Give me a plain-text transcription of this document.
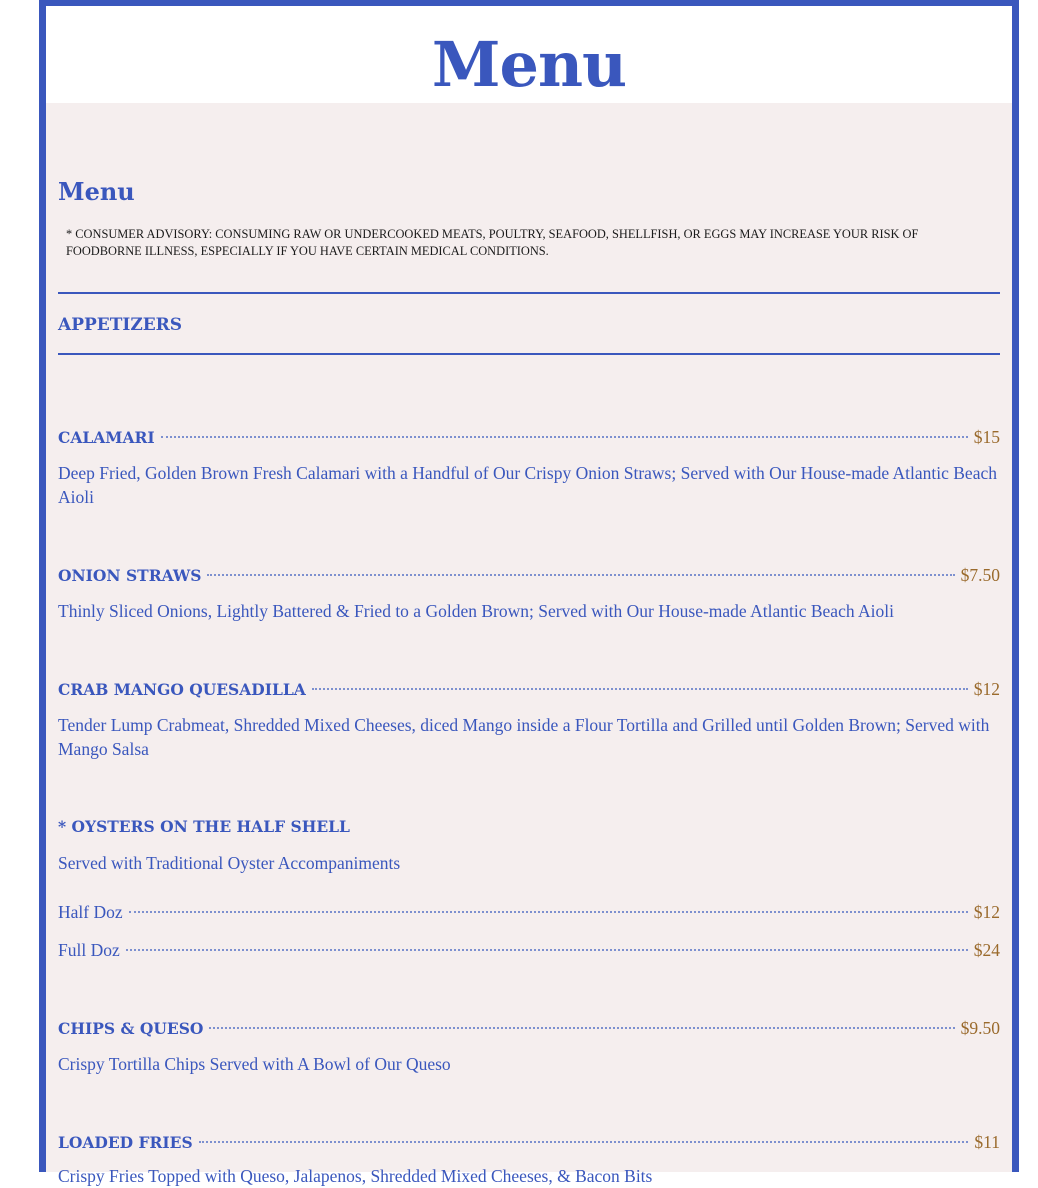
Menu
Menu
* CONSUMER ADVISORY: CONSUMING RAW OR UNDERCOOKED MEATS, POULTRY, SEAFOOD, SHELLFISH, OR EGGS MAY INCREASE YOUR RISK OF FOODBORNE ILLNESS, ESPECIALLY IF YOU HAVE CERTAIN MEDICAL CONDITIONS.
APPETIZERS
CALAMARI	$15
Deep Fried, Golden Brown Fresh Calamari with a Handful of Our Crispy Onion Straws; Served with Our House-made Atlantic Beach Aioli
ONION STRAWS	$7.50
Thinly Sliced Onions, Lightly Battered & Fried to a Golden Brown; Served with Our House-made Atlantic Beach Aioli
CRAB MANGO QUESADILLA	$12
Tender Lump Crabmeat, Shredded Mixed Cheeses, diced Mango inside a Flour Tortilla and Grilled until Golden Brown; Served with Mango Salsa
* OYSTERS ON THE HALF SHELL
Served with Traditional Oyster Accompaniments
Half Doz	$12
Full Doz	$24
CHIPS & QUESO	$9.50
Crispy Tortilla Chips Served with A Bowl of Our Queso
LOADED FRIES	$11
Crispy Fries Topped with Queso, Jalapenos, Shredded Mixed Cheeses, & Bacon Bits
